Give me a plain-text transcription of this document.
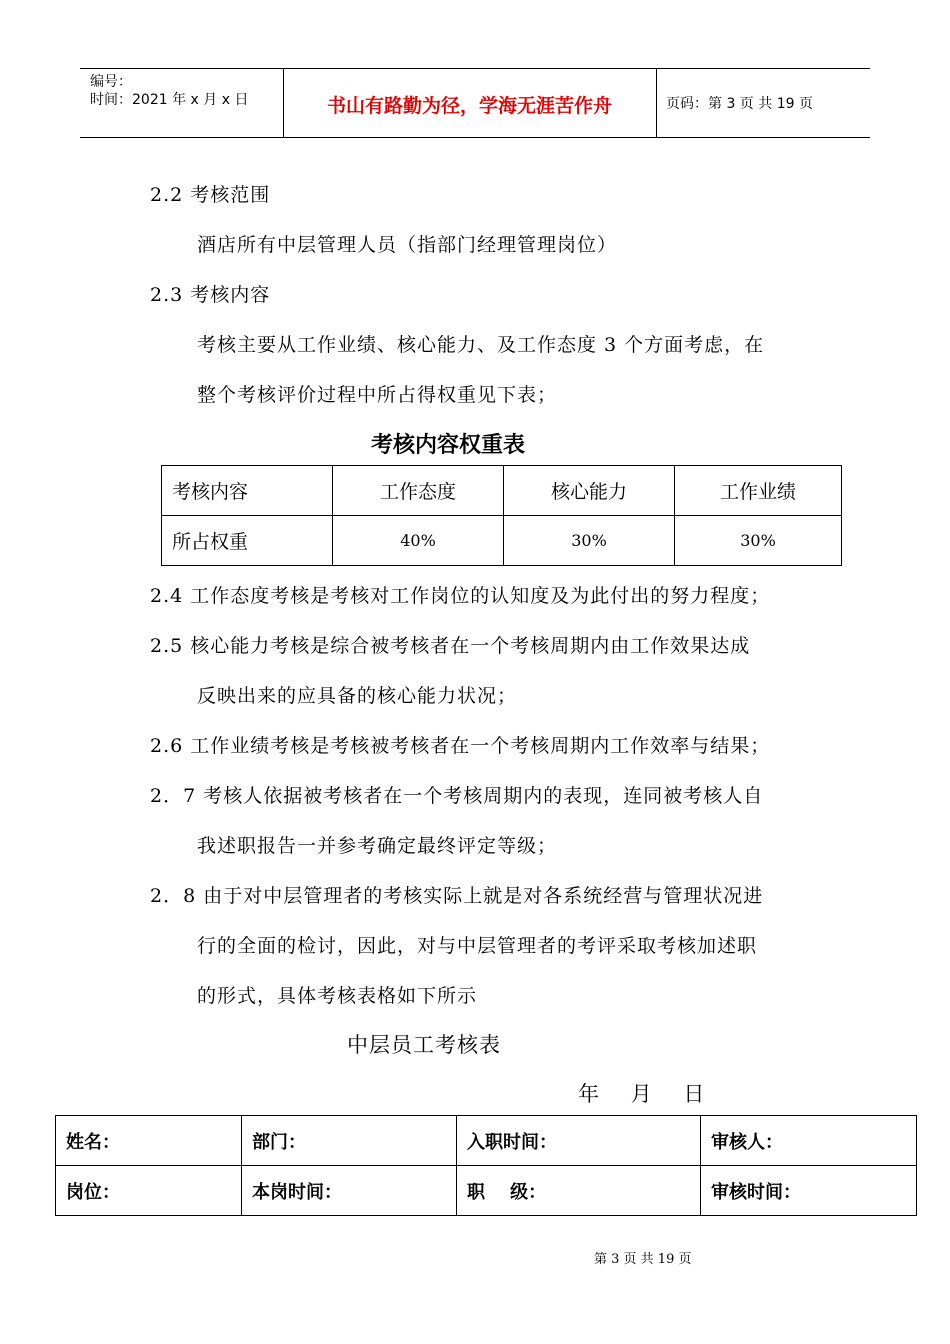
编号：
时间：2021 年 x 月 x 日	书山有路勤为径，学海无涯苦作舟	页码：第 3 页 共 19 页
2.2 考核范围
酒店所有中层管理人员（指部门经理管理岗位）
2.3 考核内容
考核主要从工作业绩、核心能力、及工作态度 3 个方面考虑，在
整个考核评价过程中所占得权重见下表；
考核内容权重表
考核内容	工作态度	核心能力	工作业绩
所占权重	40%	30%	30%
2.4 工作态度考核是考核对工作岗位的认知度及为此付出的努力程度；
2.5 核心能力考核是综合被考核者在一个考核周期内由工作效果达成
反映出来的应具备的核心能力状况；
2.6 工作业绩考核是考核被考核者在一个考核周期内工作效率与结果；
2．7 考核人依据被考核者在一个考核周期内的表现，连同被考核人自
我述职报告一并参考确定最终评定等级；
2．8 由于对中层管理者的考核实际上就是对各系统经营与管理状况进
行的全面的检讨，因此，对与中层管理者的考评采取考核加述职
的形式，具体考核表格如下所示
中层员工考核表
年    月    日
姓名：	部门：	入职时间：	审核人：
岗位：	本岗时间：	职    级：	审核时间：
第 3 页 共 19 页
